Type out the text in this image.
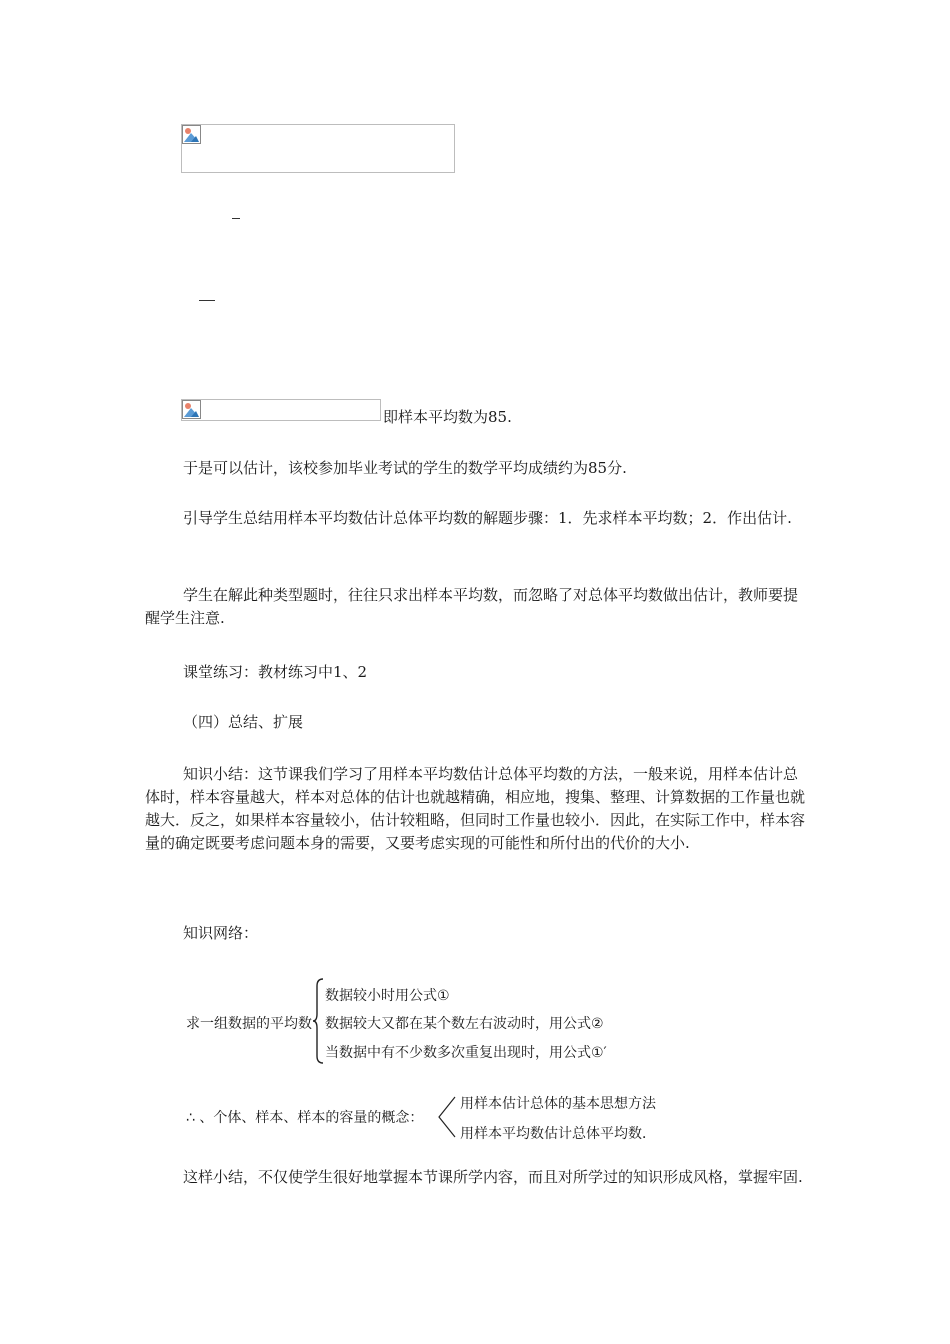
即样本平均数为85.

于是可以估计，该校参加毕业考试的学生的数学平均成绩约为85分.

引导学生总结用样本平均数估计总体平均数的解题步骤：1．先求样本平均数；2．作出估计.

学生在解此种类型题时，往往只求出样本平均数，而忽略了对总体平均数做出估计，教师要提醒学生注意.

课堂练习：教材练习中1、2

（四）总结、扩展

知识小结：这节课我们学习了用样本平均数估计总体平均数的方法，一般来说，用样本估计总体时，样本容量越大，样本对总体的估计也就越精确，相应地，搜集、整理、计算数据的工作量也就越大．反之，如果样本容量较小，估计较粗略，但同时工作量也较小．因此，在实际工作中，样本容量的确定既要考虑问题本身的需要，又要考虑实现的可能性和所付出的代价的大小.

知识网络：

求一组数据的平均数
数据较小时用公式①
数据较大又都在某个数左右波动时，用公式②
当数据中有不少数多次重复出现时，用公式①′
∴ 、个体、样本、样本的容量的概念：
用样本估计总体的基本思想方法
用样本平均数估计总体平均数．

这样小结，不仅使学生很好地掌握本节课所学内容，而且对所学过的知识形成风格，掌握牢固.
